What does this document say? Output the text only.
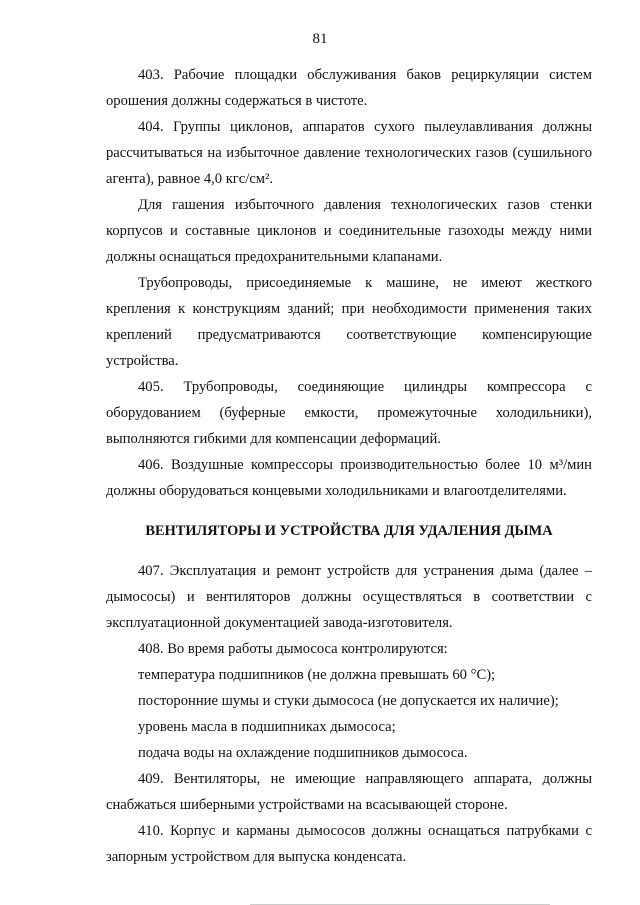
81

403. Рабочие площадки обслуживания баков рециркуляции систем орошения должны содержаться в чистоте.

404. Группы циклонов, аппаратов сухого пылеулавливания должны рассчитываться на избыточное давление технологических газов (сушильного агента), равное 4,0 кгс/см².

Для гашения избыточного давления технологических газов стенки корпусов и составные циклонов и соединительные газоходы между ними должны оснащаться предохранительными клапанами.

Трубопроводы, присоединяемые к машине, не имеют жесткого крепления к конструкциям зданий; при необходимости применения таких креплений предусматриваются соответствующие компенсирующие устройства.

405. Трубопроводы, соединяющие цилиндры компрессора с оборудованием (буферные емкости, промежуточные холодильники), выполняются гибкими для компенсации деформаций.

406. Воздушные компрессоры производительностью более 10 м³/мин должны оборудоваться концевыми холодильниками и влагоотделителями.

ВЕНТИЛЯТОРЫ И УСТРОЙСТВА ДЛЯ УДАЛЕНИЯ ДЫМА

407. Эксплуатация и ремонт устройств для устранения дыма (далее – дымососы) и вентиляторов должны осуществляться в соответствии с эксплуатационной документацией завода-изготовителя.

408. Во время работы дымососа контролируются:

температура подшипников (не должна превышать 60 °С);

посторонние шумы и стуки дымососа (не допускается их наличие);

уровень масла в подшипниках дымососа;

подача воды на охлаждение подшипников дымососа.

409. Вентиляторы, не имеющие направляющего аппарата, должны снабжаться шиберными устройствами на всасывающей стороне.

410. Корпус и карманы дымососов должны оснащаться патрубками с запорным устройством для выпуска конденсата.
